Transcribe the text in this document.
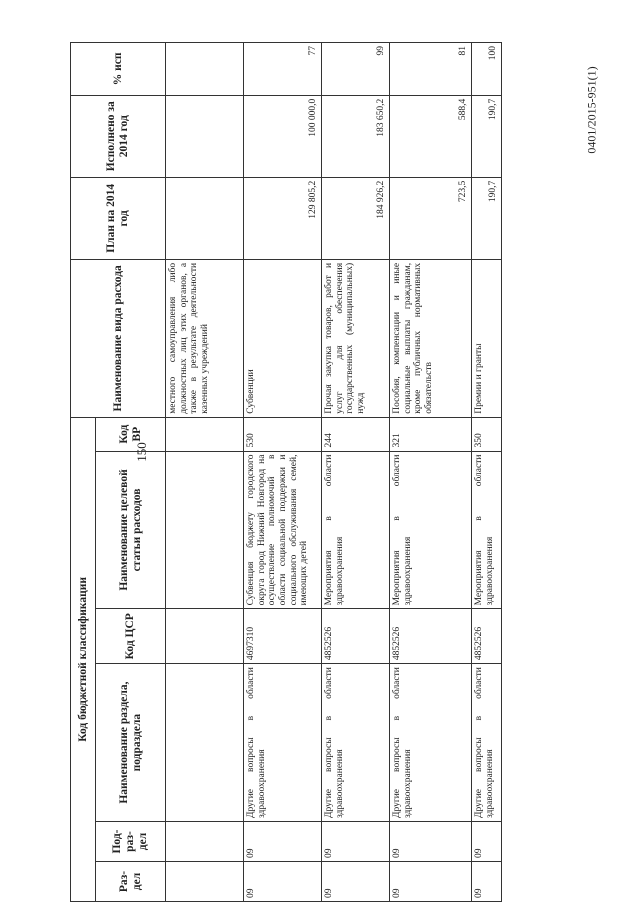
150
0401/2015-951(1)
Код бюджетной классификации						Наименование вида расхода	План на 2014 год	Исполнено за 2014 год	% исп
Раз-дел	Под-раз-дел	Наименование раздела, подраздела	Код ЦСР	Наименование целевой статьи расходов	Код ВР				
						местного самоуправления либо должностных лиц этих органов, а также в результате деятельности казенных учреждений			
09	09	Другие вопросы в области здравоохранения	4697310	Субвенция бюджету городского округа город Нижний Новгород на осуществление полномочий в области социальной поддержки и социального обслуживания семей, имеющих детей	530	Субвенции	129 805,2	100 000,0	77
09	09	Другие вопросы в области здравоохранения	4852526	Мероприятия в области здравоохранения	244	Прочая закупка товаров, работ и услуг для обеспечения государственных (муниципальных) нужд	184 926,2	183 650,2	99
09	09	Другие вопросы в области здравоохранения	4852526	Мероприятия в области здравоохранения	321	Пособия, компенсации и иные социальные выплаты гражданам, кроме публичных нормативных обязательств	723,5	588,4	81
09	09	Другие вопросы в области здравоохранения	4852526	Мероприятия в области здравоохранения	350	Премии и гранты	190,7	190,7	100
